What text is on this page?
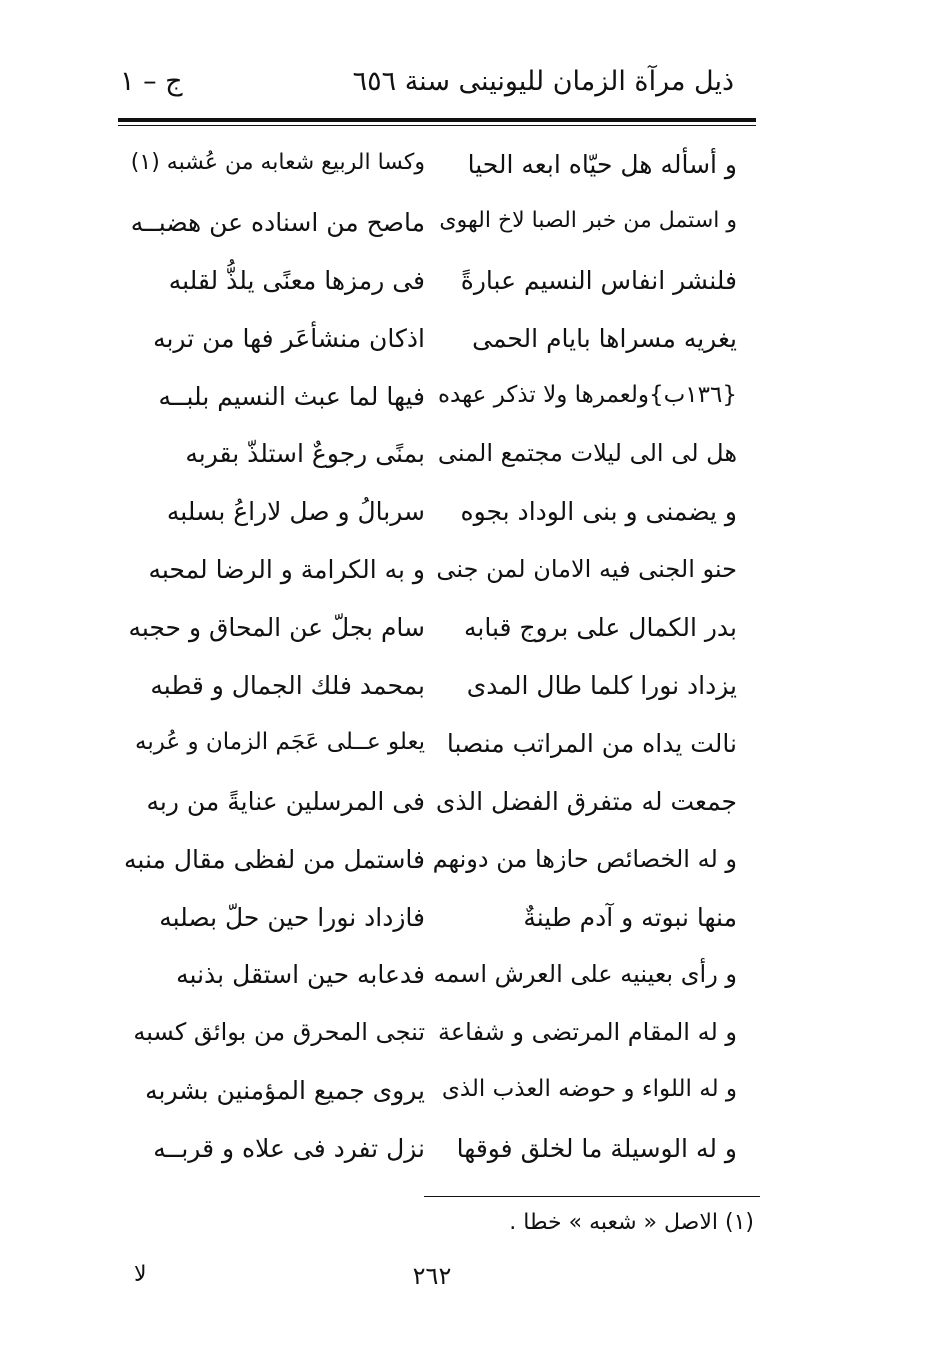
ذيل مرآة الزمان لليونينى سنة ٦٥٦
ج – ١
و أسأله هل حيّاه ابعه الحيا
وكسا الربيع شعابه من عُشبه (١)
و استمل من خبر الصبا لاخ الهوى
ماصح من اسناده عن هضبــه
فلنشر انفاس النسيم عبارةً
فى رمزها معنًى يلذُّ لقلبه
يغريه مسراها بايام الحمى
اذكان منشأعَر فها من تربه
{١٣٦ب}ولعمرها ولا تذكر عهده
فيها لما عبث النسيم بلبــه
هل لى الى ليلات مجتمع المنى
بمنًى رجوعٌ استلذّ بقربه
و يضمنى و بنى الوداد بجوه
سربالُ و صل لاراعُ بسلبه
حنو الجنى فيه الامان لمن جنى
و به الكرامة و الرضا لمحبه
بدر الكمال على بروج قبابه
سام بجلّ عن المحاق و حجبه
يزداد نورا كلما طال المدى
بمحمد فلك الجمال و قطبه
نالت يداه من المراتب منصبا
يعلو عــلى عَجَم الزمان و عُربه
جمعت له متفرق الفضل الذى
فى المرسلين عنايةً من ربه
و له الخصائص حازها من دونهم
فاستمل من لفظى مقال منبه
منها نبوته و آدم طينةٌ
فازداد نورا حين حلّ بصلبه
و رأى بعينيه على العرش اسمه
فدعابه حين استقل بذنبه
و له المقام المرتضى و شفاعة
تنجى المحرق من بوائق كسبه
و له اللواء و حوضه العذب الذى
يروى جميع المؤمنين بشربه
و له الوسيلة ما لخلق فوقها
نزل تفرد فى علاه و قربــه
(١) الاصل « شعبه » خطا .
٢٦٢
لا
